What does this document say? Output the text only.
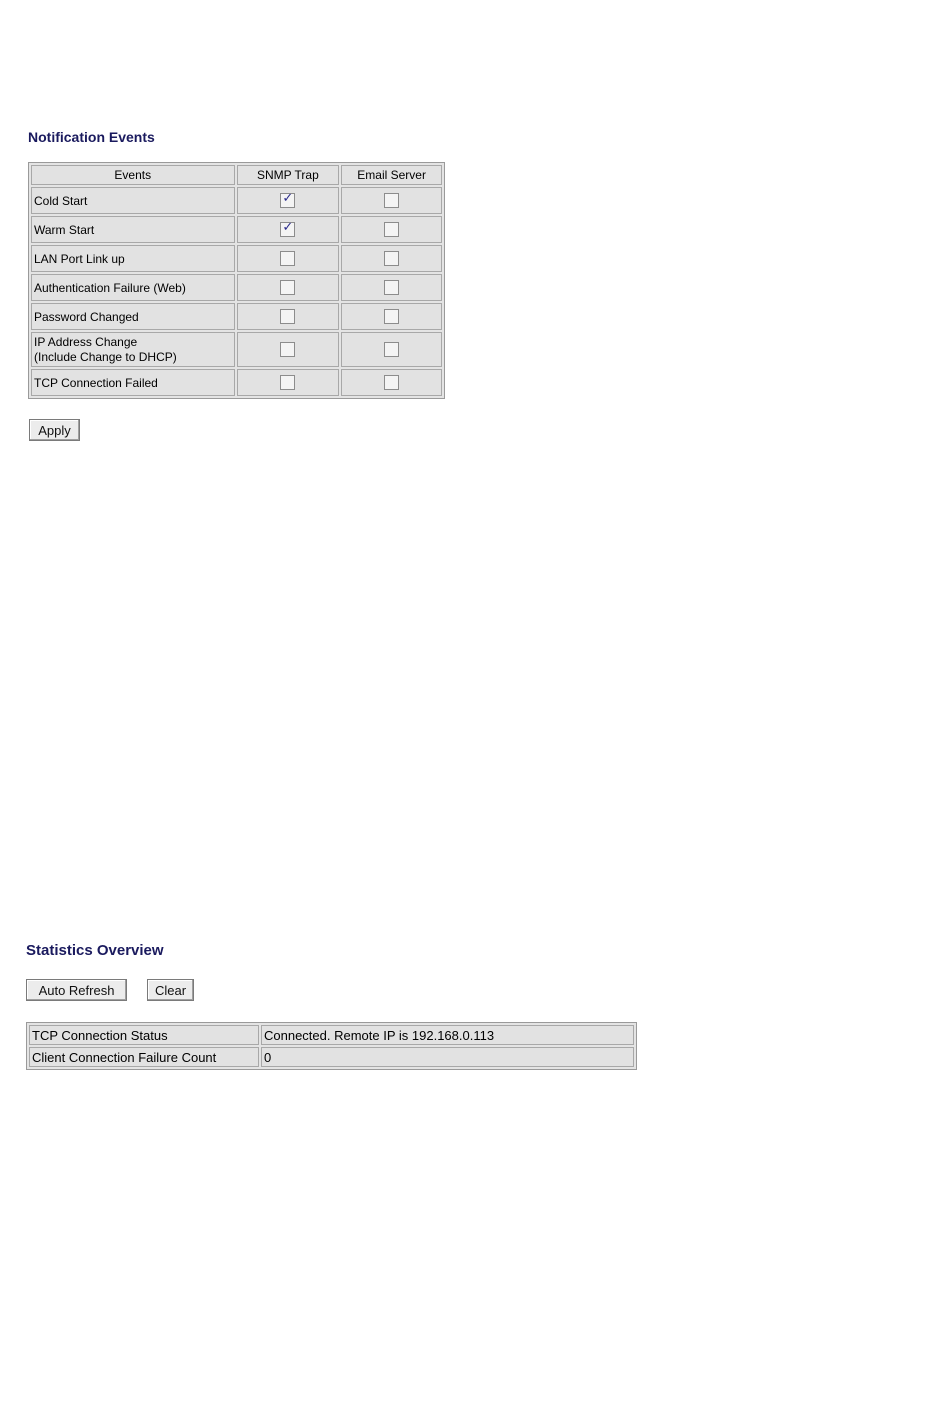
Notification Events
Events	SNMP Trap	Email Server
Cold Start	✓	

Warm Start	✓	

LAN Port Link up	

Authentication Failure (Web)	

Password Changed	

IP Address Change
(Include Change to DHCP)	

TCP Connection Failed	

Apply
Statistics Overview
Auto Refresh	Clear
TCP Connection Status	Connected. Remote IP is 192.168.0.113
Client Connection Failure Count	0
